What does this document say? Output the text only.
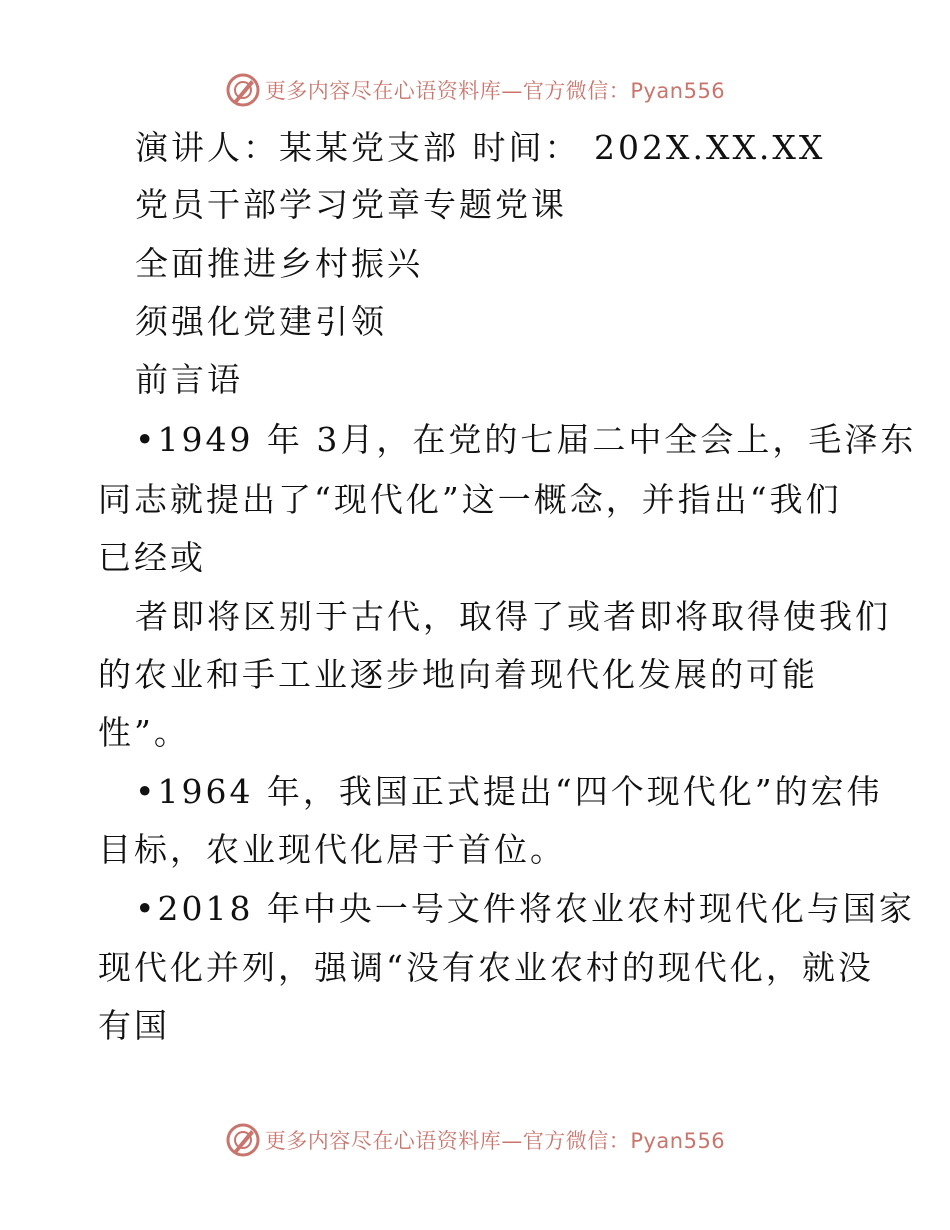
更多内容尽在心语资料库—官方微信：Pyan556
演讲人：某某党支部 时间： 202X.XX.XX
党员干部学习党章专题党课
全面推进乡村振兴
须强化党建引领
前言语
•1949 年 3月，在党的七届二中全会上，毛泽东
同志就提出了“现代化”这一概念，并指出“我们
已经或
者即将区别于古代，取得了或者即将取得使我们
的农业和手工业逐步地向着现代化发展的可能
性”。
•1964 年，我国正式提出“四个现代化”的宏伟
目标，农业现代化居于首位。
•2018 年中央一号文件将农业农村现代化与国家
现代化并列，强调“没有农业农村的现代化，就没
有国
更多内容尽在心语资料库—官方微信：Pyan556
